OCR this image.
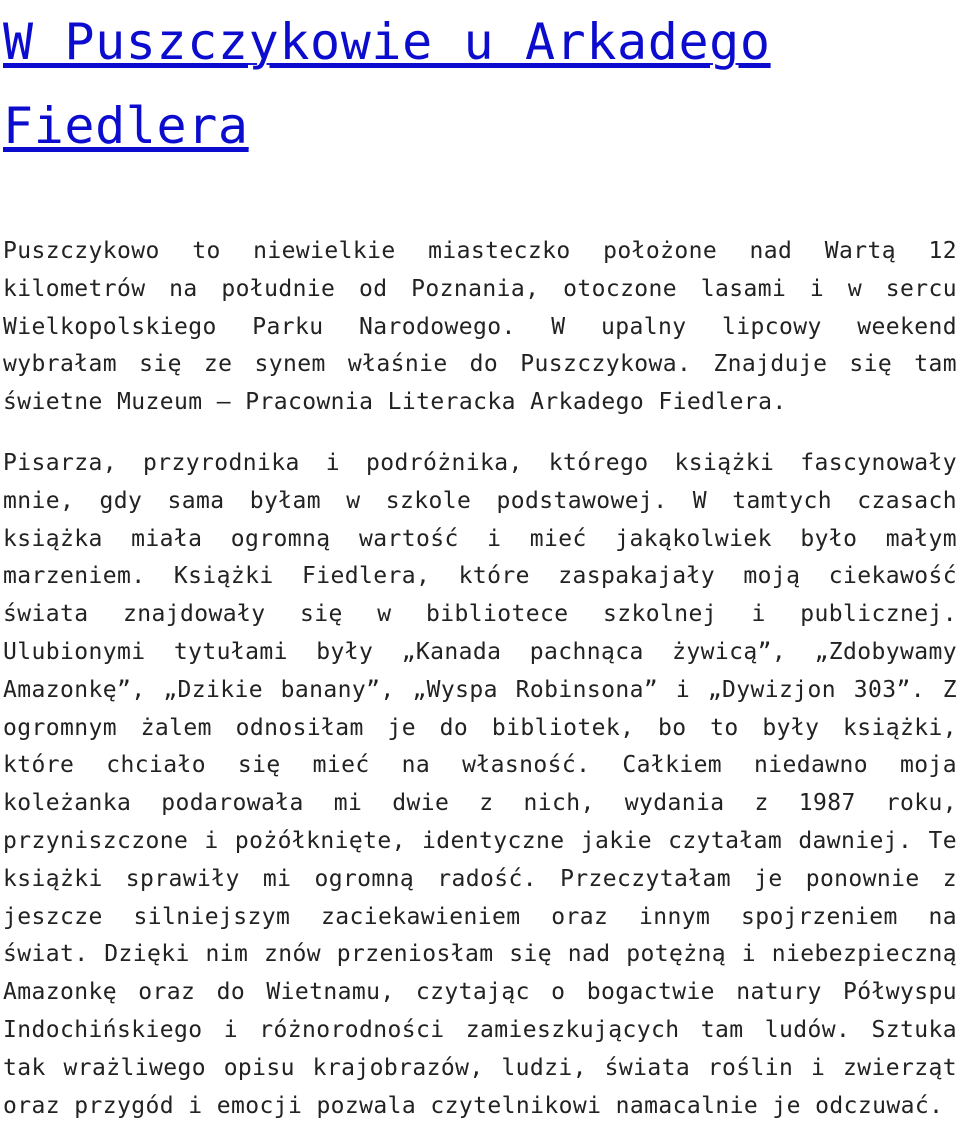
W Puszczykowie u Arkadego Fiedlera

Puszczykowo to niewielkie miasteczko położone nad Wartą 12 kilometrów na południe od Poznania, otoczone lasami i w sercu Wielkopolskiego Parku Narodowego. W upalny lipcowy weekend wybrałam się ze synem właśnie do Puszczykowa. Znajduje się tam świetne Muzeum – Pracownia Literacka Arkadego Fiedlera.

Pisarza, przyrodnika i podróżnika, którego książki fascynowały mnie, gdy sama byłam w szkole podstawowej. W tamtych czasach książka miała ogromną wartość i mieć jakąkolwiek było małym marzeniem. Książki Fiedlera, które zaspakajały moją ciekawość świata znajdowały się w bibliotece szkolnej i publicznej. Ulubionymi tytułami były „Kanada pachnąca żywicą”, „Zdobywamy Amazonkę”, „Dzikie banany”, „Wyspa Robinsona” i „Dywizjon 303”. Z ogromnym żalem odnosiłam je do bibliotek, bo to były książki, które chciało się mieć na własność. Całkiem niedawno moja koleżanka podarowała mi dwie z nich, wydania z 1987 roku, przyniszczone i pożółknięte, identyczne jakie czytałam dawniej. Te książki sprawiły mi ogromną radość. Przeczytałam je ponownie z jeszcze silniejszym zaciekawieniem oraz innym spojrzeniem na świat. Dzięki nim znów przeniosłam się nad potężną i niebezpieczną Amazonkę oraz do Wietnamu, czytając o bogactwie natury Półwyspu Indochińskiego i różnorodności zamieszkujących tam ludów. Sztuka tak wrażliwego opisu krajobrazów, ludzi, świata roślin i zwierząt oraz przygód i emocji pozwala czytelnikowi namacalnie je odczuwać.
